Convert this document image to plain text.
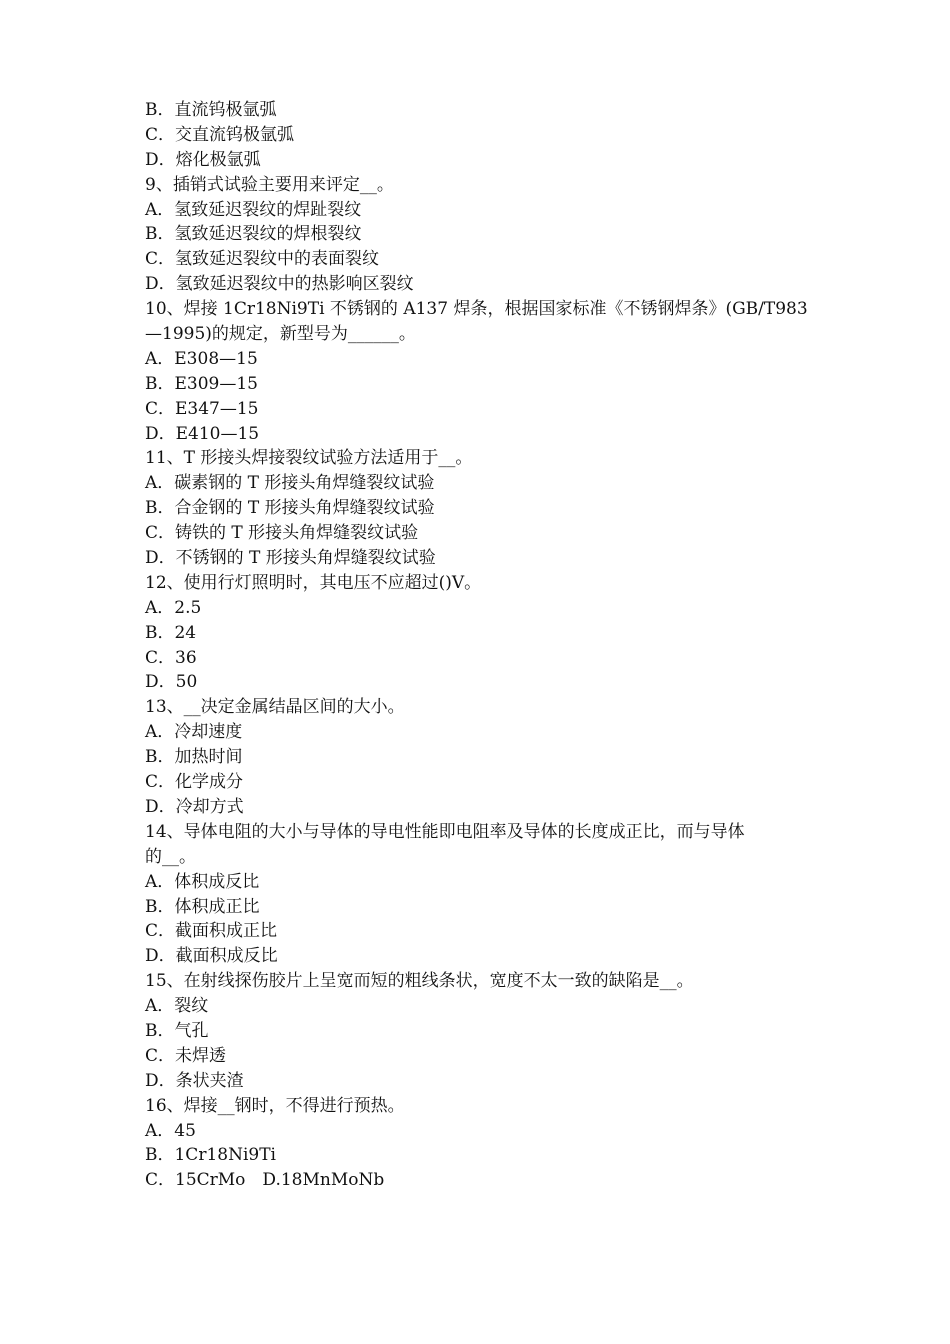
B．直流钨极氩弧
C．交直流钨极氩弧
D．熔化极氩弧
9、插销式试验主要用来评定__。
A．氢致延迟裂纹的焊趾裂纹
B．氢致延迟裂纹的焊根裂纹
C．氢致延迟裂纹中的表面裂纹
D．氢致延迟裂纹中的热影响区裂纹
10、焊接 1Cr18Ni9Ti 不锈钢的 A137 焊条，根据国家标准《不锈钢焊条》(GB/T983
—1995)的规定，新型号为______。
A．E308—15
B．E309—15
C．E347—15
D．E410—15
11、T 形接头焊接裂纹试验方法适用于__。
A．碳素钢的 T 形接头角焊缝裂纹试验
B．合金钢的 T 形接头角焊缝裂纹试验
C．铸铁的 T 形接头角焊缝裂纹试验
D．不锈钢的 T 形接头角焊缝裂纹试验
12、使用行灯照明时，其电压不应超过()V。
A．2.5
B．24
C．36
D．50
13、__决定金属结晶区间的大小。
A．冷却速度
B．加热时间
C．化学成分
D．冷却方式
14、导体电阻的大小与导体的导电性能即电阻率及导体的长度成正比，而与导体
的__。
A．体积成反比
B．体积成正比
C．截面积成正比
D．截面积成反比
15、在射线探伤胶片上呈宽而短的粗线条状，宽度不太一致的缺陷是__。
A．裂纹
B．气孔
C．未焊透
D．条状夹渣
16、焊接__钢时，不得进行预热。
A．45
B．1Cr18Ni9Ti
C．15CrMo　D.18MnMoNb
